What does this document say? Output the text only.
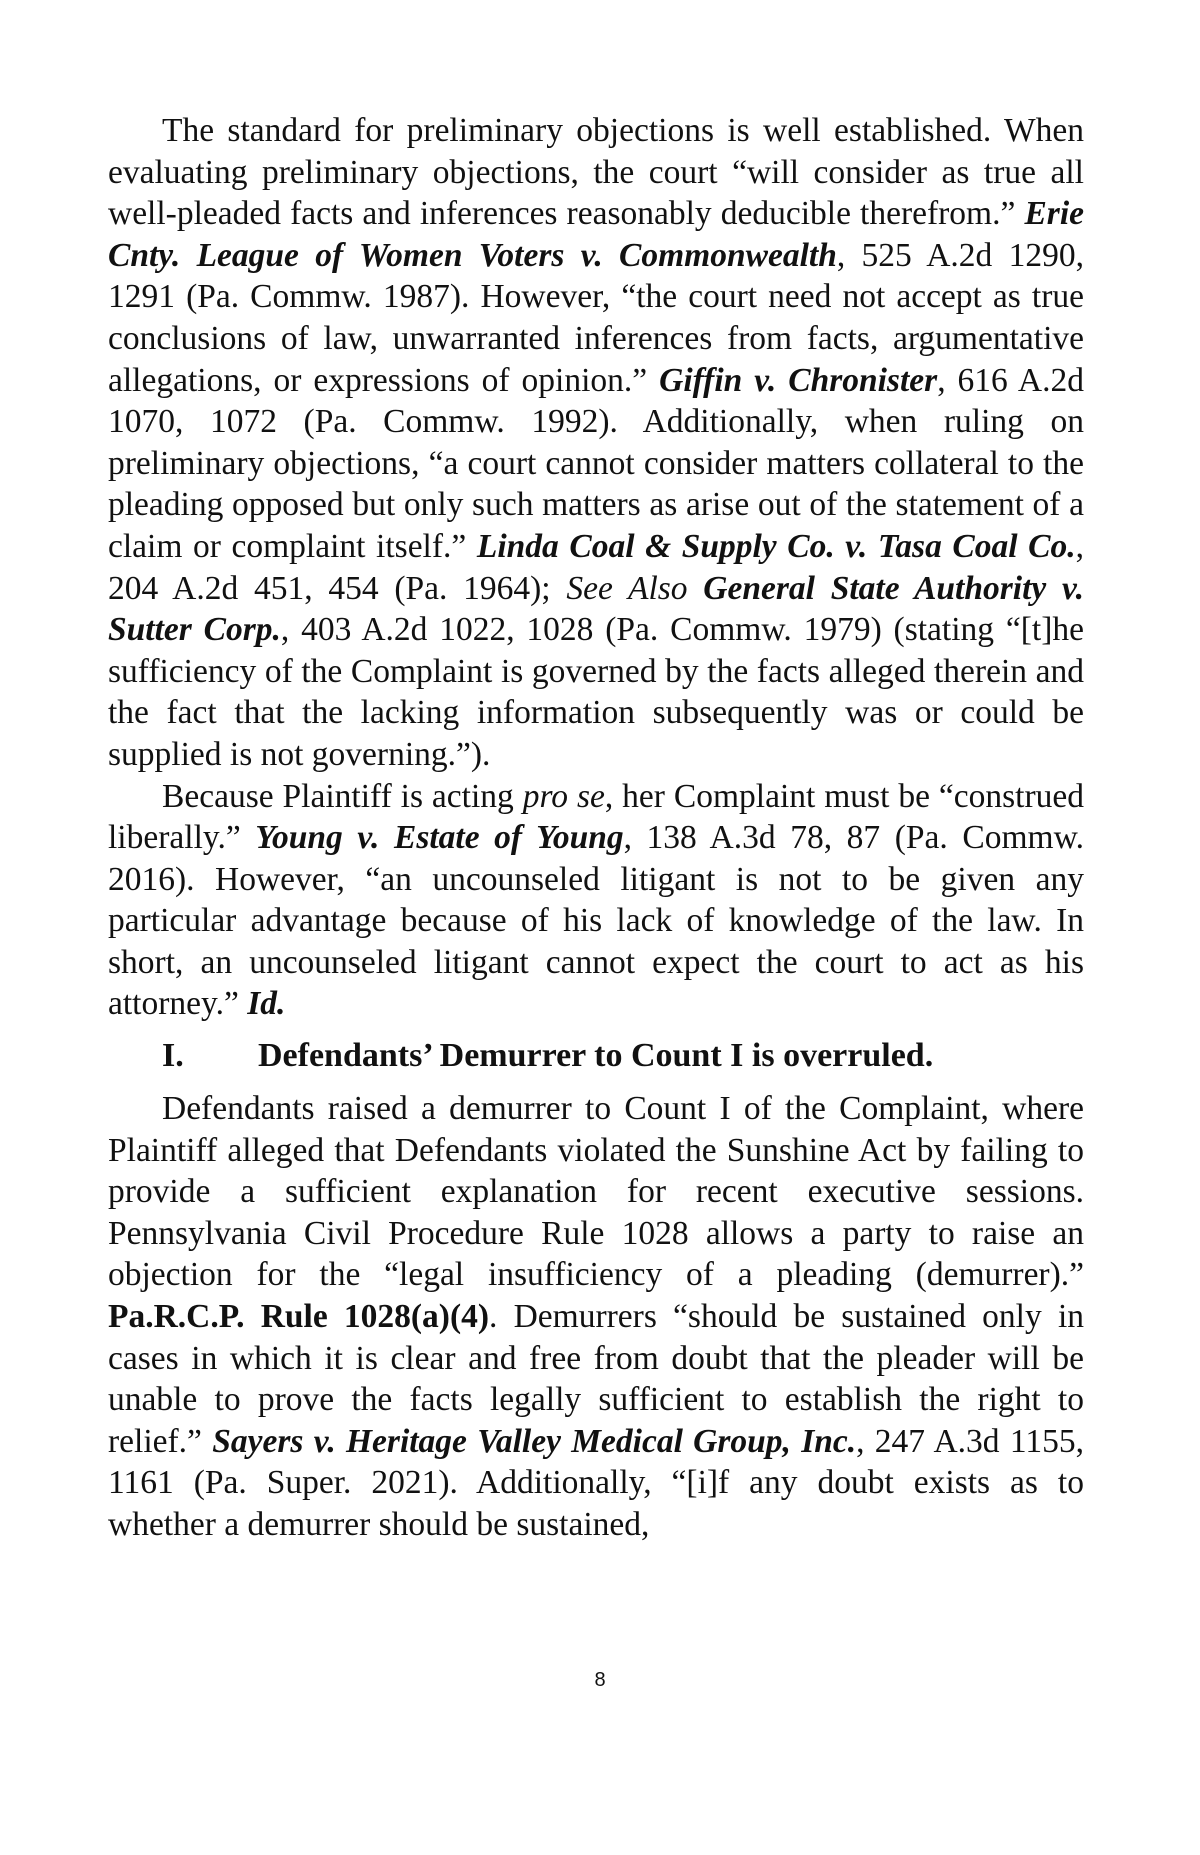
The standard for preliminary objections is well established. When evaluating preliminary objections, the court “will consider as true all well-pleaded facts and inferences reasonably deducible therefrom.” Erie Cnty. League of Women Voters v. Commonwealth, 525 A.2d 1290, 1291 (Pa. Commw. 1987). However, “the court need not accept as true conclusions of law, unwarranted inferences from facts, argumentative allegations, or expressions of opinion.” Giffin v. Chronister, 616 A.2d 1070, 1072 (Pa. Commw. 1992). Additionally, when ruling on preliminary objections, “a court cannot consider matters collateral to the pleading opposed but only such matters as arise out of the statement of a claim or complaint itself.” Linda Coal & Supply Co. v. Tasa Coal Co., 204 A.2d 451, 454 (Pa. 1964); See Also General State Authority v. Sutter Corp., 403 A.2d 1022, 1028 (Pa. Commw. 1979) (stating “[t]he sufficiency of the Complaint is governed by the facts alleged therein and the fact that the lacking information subsequently was or could be supplied is not governing.”).

Because Plaintiff is acting pro se, her Complaint must be “construed liberally.” Young v. Estate of Young, 138 A.3d 78, 87 (Pa. Commw. 2016). However, “an uncounseled litigant is not to be given any particular advantage because of his lack of knowledge of the law. In short, an uncounseled litigant cannot expect the court to act as his attorney.” Id.

I. Defendants’ Demurrer to Count I is overruled.

Defendants raised a demurrer to Count I of the Complaint, where Plaintiff alleged that Defendants violated the Sunshine Act by failing to provide a sufficient explanation for recent executive sessions. Pennsylvania Civil Procedure Rule 1028 allows a party to raise an objection for the “legal insufficiency of a pleading (demurrer).” Pa.R.C.P. Rule 1028(a)(4). Demurrers “should be sustained only in cases in which it is clear and free from doubt that the pleader will be unable to prove the facts legally sufficient to establish the right to relief.” Sayers v. Heritage Valley Medical Group, Inc., 247 A.3d 1155, 1161 (Pa. Super. 2021). Additionally, “[i]f any doubt exists as to whether a demurrer should be sustained,

8
